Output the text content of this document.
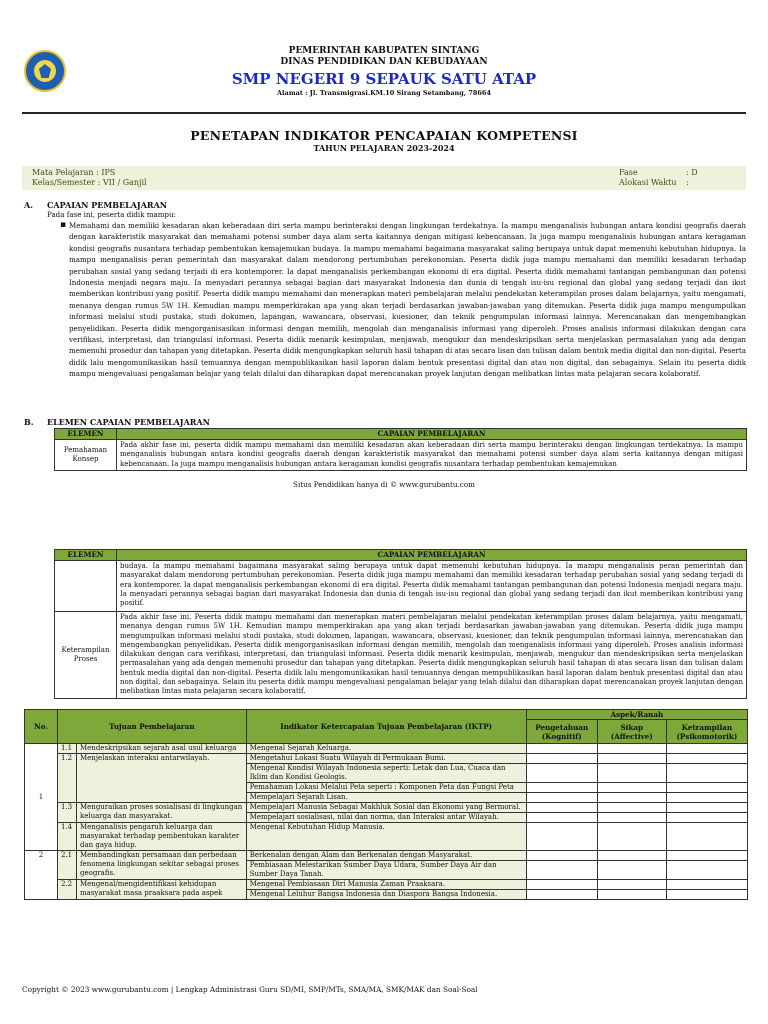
PEMERINTAH KABUPATEN SINTANG
DINAS PENDIDIKAN DAN KEBUDAYAAN
SMP NEGERI 9 SEPAUK SATU ATAP
Alamat : Jl. Transmigrasi.KM.10 Sirang Setambang, 78664
PENETAPAN INDIKATOR PENCAPAIAN KOMPETENSI
TAHUN PELAJARAN 2023-2024
Mata Pelajaran : IPS
Kelas/Semester : VII / Ganjil
Fase	: D
Alokasi Waktu :
A. CAPAIAN PEMBELAJARAN
Pada fase ini, peserta didik mampu:
▪ Memahami dan memiliki kesadaran akan keberadaan diri serta mampu berinteraksi dengan lingkungan terdekatnya. Ia mampu menganalisis hubungan antara kondisi geografis daerah dengan karakteristik masyarakat dan memahami potensi sumber daya alam serta kaitannya dengan mitigasi kebencanaan. Ia juga mampu menganalisis hubungan antara keragaman kondisi geografis nusantara terhadap pembentukan kemajemukan budaya. Ia mampu memahami bagaimana masyarakat saling berupaya untuk dapat memenuhi kebutuhan hidupnya. Ia mampu menganalisis peran pemerintah dan masyarakat dalam mendorong pertumbuhan perekonomian. Peserta didik juga mampu memahami dan memiliki kesadaran terhadap perubahan sosial yang sedang terjadi di era kontemporer. Ia dapat menganalisis perkembangan ekonomi di era digital. Peserta didik memahami tantangan pembangunan dan potensi Indonesia menjadi negara maju. Ia menyadari perannya sebagai bagian dari masyarakat Indonesia dan dunia di tengah isu-isu regional dan global yang sedang terjadi dan ikut memberikan kontribusi yang positif. Peserta didik mampu memahami dan menerapkan materi pembelajaran melalui pendekatan keterampilan proses dalam belajarnya, yaitu mengamati, menanya dengan rumus 5W 1H. Kemudian mampu memperkirakan apa yang akan terjadi berdasarkan jawaban-jawaban yang ditemukan. Peserta didik juga mampu mengumpulkan informasi melalui studi pustaka, studi dokumen, lapangan, wawancara, observasi, kuesioner, dan teknik pengumpulan informasi lainnya. Merencanakan dan mengembangkan penyelidikan. Peserta didik mengorganisasikan informasi dengan memilih, mengolah dan menganalisis informasi yang diperoleh. Proses analisis informasi dilakukan dengan cara verifikasi, interpretasi, dan triangulasi informasi. Peserta didik menarik kesimpulan, menjawab, mengukur dan mendeskripsikan serta menjelaskan permasalahan yang ada dengan memenuhi prosedur dan tahapan yang ditetapkan. Peserta didik mengungkapkan seluruh hasil tahapan di atas secara lisan dan tulisan dalam bentuk media digital dan non-digital. Peserta didik lalu mengomunikasikan hasil temuannya dengan mempublikasikan hasil laporan dalam bentuk presentasi digital dan atau non digital, dan sebagainya. Selain itu peserta didik mampu mengevaluasi pengalaman belajar yang telah dilalui dan diharapkan dapat merencanakan proyek lanjutan dengan melibatkan lintas mata pelajaran secara kolaboratif.
B. ELEMEN CAPAIAN PEMBELAJARAN
ELEMEN	CAPAIAN PEMBELAJARAN
Pemahaman Konsep	Pada akhir fase ini, peserta didik mampu memahami dan memiliki kesadaran akan keberadaan diri serta mampu berinteraksi dengan lingkungan terdekatnya. Ia mampu menganalisis hubungan antara kondisi geografis daerah dengan karakteristik masyarakat dan memahami potensi sumber daya alam serta kaitannya dengan mitigasi kebencanaan. Ia juga mampu menganalisis hubungan antara keragaman kondisi geografis nusantara terhadap pembentukan kemajemukan
Situs Pendidikan hanya di © www.gurubantu.com
ELEMEN	CAPAIAN PEMBELAJARAN
	budaya. Ia mampu memahami bagaimana masyarakat saling berupaya untuk dapat memenuhi kebutuhan hidupnya. Ia mampu menganalisis peran pemerintah dan masyarakat dalam mendorong pertumbuhan perekonomian. Peserta didik juga mampu memahami dan memiliki kesadaran terhadap perubahan sosial yang sedang terjadi di era kontemporer. Ia dapat menganalisis perkembangan ekonomi di era digital. Peserta didik memahami tantangan pembangunan dan potensi Indonesia menjadi negara maju. Ia menyadari perannya sebagai bagian dari masyarakat Indonesia dan dunia di tengah isu-isu regional dan global yang sedang terjadi dan ikut memberikan kontribusi yang positif.
Keterampilan Proses	Pada akhir fase ini, Peserta didik mampu memahami dan menerapkan materi pembelajaran melalui pendekatan keterampilan proses dalam belajarnya, yaitu mengamati, menanya dengan rumus 5W 1H. Kemudian mampu memperkirakan apa yang akan terjadi berdasarkan jawaban-jawaban yang ditemukan. Peserta didik juga mampu mengumpulkan informasi melalui studi pustaka, studi dokumen, lapangan, wawancara, observasi, kuesioner, dan teknik pengumpulan informasi lainnya, merencanakan dan mengembangkan penyelidikan. Peserta didik mengorganisasikan informasi dengan memilih, mengolah dan menganalisis informasi yang diperoleh. Proses analisis informasi dilakukan dengan cara verifikasi, interpretasi, dan triangulasi informasi. Peserta didik menarik kesimpulan, menjawab, mengukur dan mendeskripsikan serta menjelaskan permasalahan yang ada dengan memenuhi prosedur dan tahapan yang ditetapkan. Peserta didik mengungkapkan seluruh hasil tahapan di atas secara lisan dan tulisan dalam bentuk media digital dan non-digital. Peserta didik lalu mengomunikasikan hasil temuannya dengan mempublikasikan hasil laporan dalam bentuk presentasi digital dan atau non digital, dan sebagainya. Selain itu peserta didik mampu mengevaluasi pengalaman belajar yang telah dilalui dan diharapkan dapat merencanakan proyek lanjutan dengan melibatkan lintas mata pelajaran secara kolaboratif.
No.	Tujuan Pembelajaran		Indikator Ketercapaian Tujuan Pembelajaran (IKTP)	Aspek/Ranah		
				Pengetahuan (Kognitif)	Sikap (Affective)	Ketrampilan (Psikomotorik)
1	1.1	Mendeskripsikan sejarah asal usul keluarga	Mengenal Sejarah Keluarga.			
	1.2	Menjelaskan interaksi antarwilayah.	Mengetahui Lokasi Suatu Wilayah di Permukaan Bumi.			
			Mengenal Kondisi Wilayah Indonesia seperti: Letak dan Lua, Cuaca dan Iklim dan Kondisi Geologis.			
			Pemahaman Lokasi Melalui Peta seperti : Komponen Peta dan Fungsi Peta			
			Mempelajari Sejarah Lisan.			
	1.3	Menguraikan proses sosialisasi di lingkungan keluarga dan masyarakat.	Mempelajari Manusia Sebagai Makhluk Sosial dan Ekonomi yang Bermoral.			
			Mempelajari sosialisasi, nilai dan norma, dan Interaksi antar Wilayah.			
	1.4	Menganalisis pengaruh keluarga dan masyarakat terhadap pembentukan karakter dan gaya hidup.	Mengenal Kebutuhan Hidup Manusia.			
2	2.1	Membandingkan persamaan dan perbedaan fenomena lingkungan sekitar sebagai proses geografis.	Berkenalan dengan Alam dan Berkenalan dengan Masyarakat.			
			Pembiasaan Melestarikan Sumber Daya Udara, Sumber Daya Air dan Sumber Daya Tanah.			
	2.2	Mengenal/mengidentifikasi kehidupan masyarakat masa praaksara pada aspek	Mengenal Pembiasaan Diri Manusia Zaman Praaksara.			
			Mengenal Leluhur Bangsa Indonesia dan Diaspora Bangsa Indonesia.			
Copyright © 2023 www.gurubantu.com | Lengkap Administrasi Guru SD/MI, SMP/MTs, SMA/MA, SMK/MAK dan Soal-Soal
